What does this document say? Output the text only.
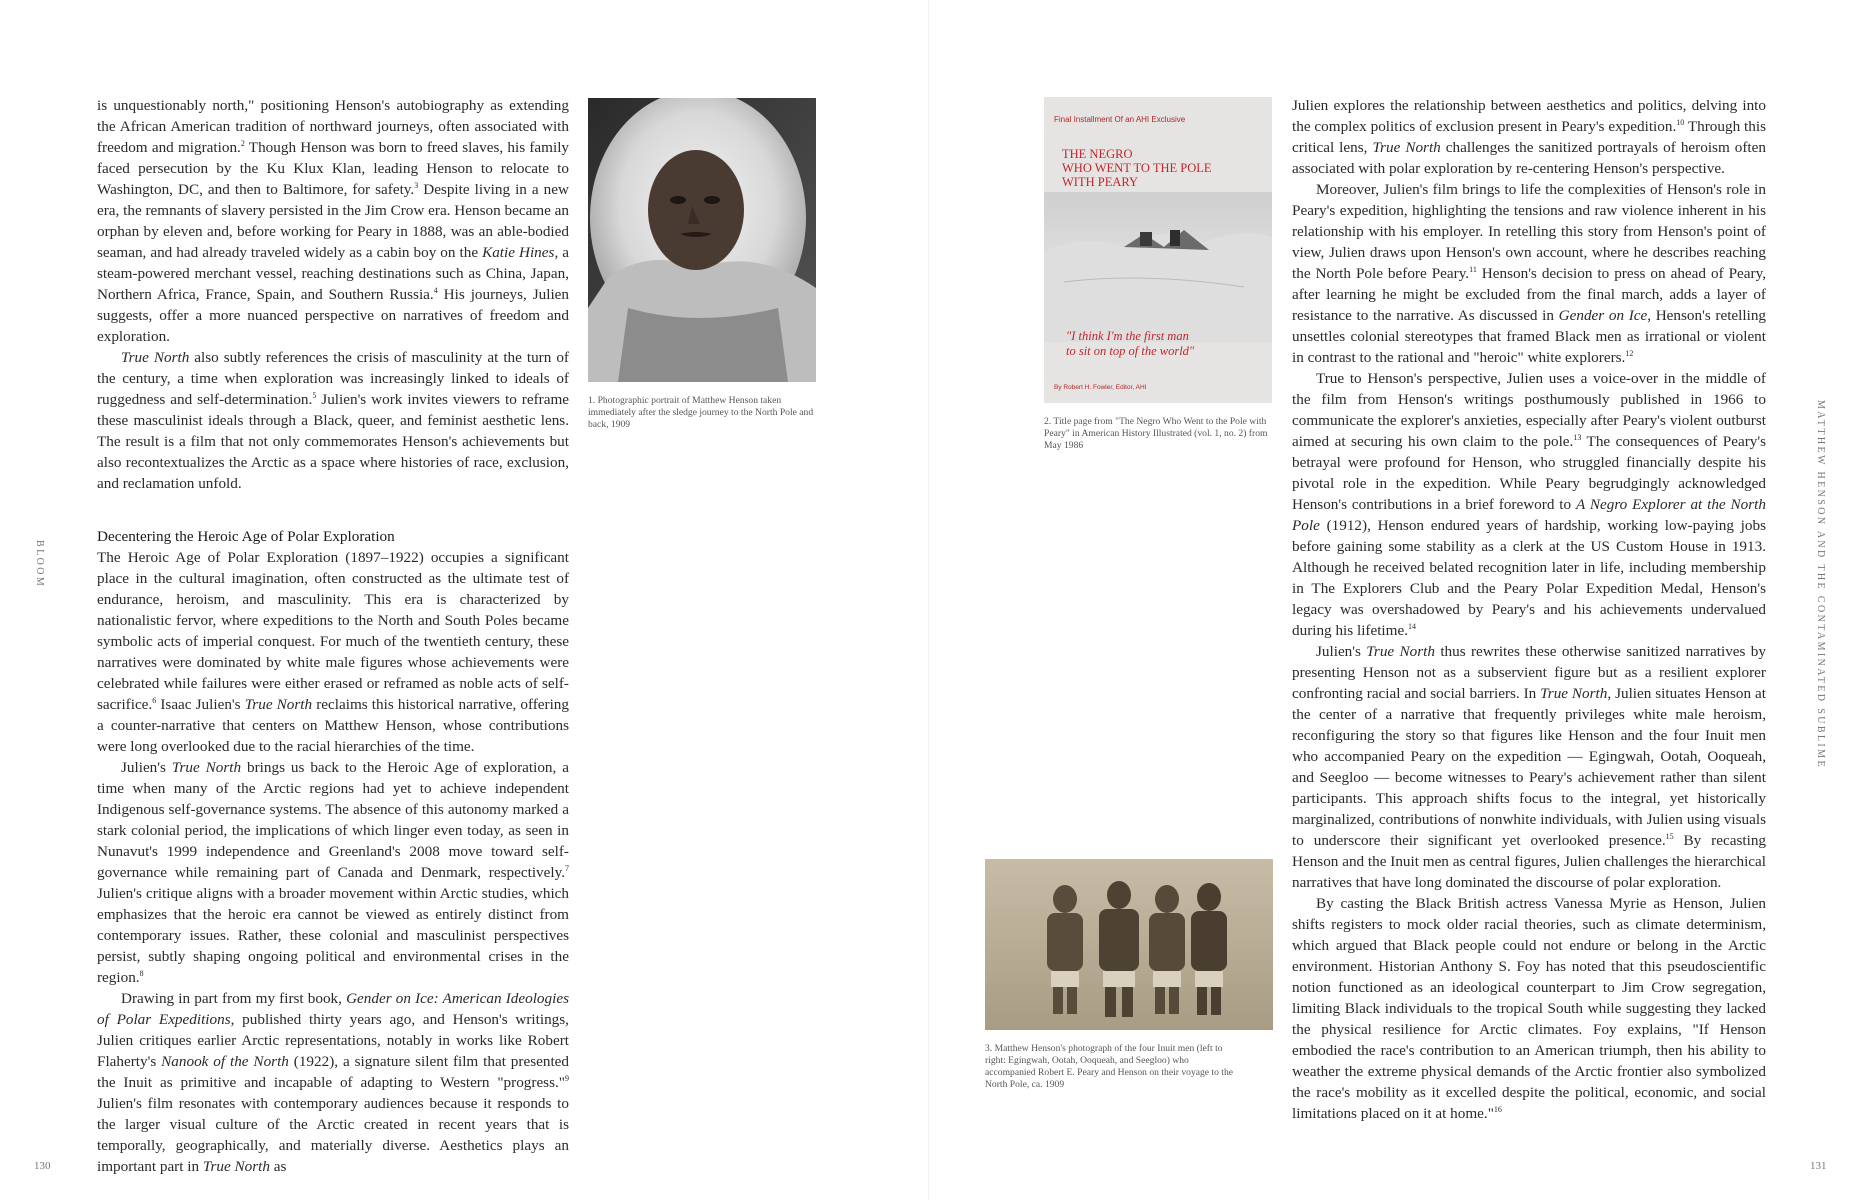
is unquestionably north," positioning Henson's autobiography as extending the African American tradition of northward journeys, often associated with freedom and migration.$^2$ Though Henson was born to freed slaves, his family faced persecution by the Ku Klux Klan, leading Henson to relocate to Washington, DC, and then to Baltimore, for safety.$^3$ Despite living in a new era, the remnants of slavery persisted in the Jim Crow era. Henson became an orphan by eleven and, before working for Peary in 1888, was an able-bodied seaman, and had already traveled widely as a cabin boy on the Katie Hines, a steam-powered merchant vessel, reaching destinations such as China, Japan, Northern Africa, France, Spain, and Southern Russia.$^4$ His journeys, Julien suggests, offer a more nuanced perspective on narratives of freedom and exploration.

True North also subtly references the crisis of masculinity at the turn of the century, a time when exploration was increasingly linked to ideals of ruggedness and self-determination.$^5$ Julien's work invites viewers to reframe these masculinist ideals through a Black, queer, and feminist aesthetic lens. The result is a film that not only commemorates Henson's achievements but also recontextualizes the Arctic as a space where histories of race, exclusion, and reclamation unfold.

Decentering the Heroic Age of Polar Exploration

The Heroic Age of Polar Exploration (1897–1922) occupies a significant place in the cultural imagination, often constructed as the ultimate test of endurance, heroism, and masculinity. This era is characterized by nationalistic fervor, where expeditions to the North and South Poles became symbolic acts of imperial conquest. For much of the twentieth century, these narratives were dominated by white male figures whose achievements were celebrated while failures were either erased or reframed as noble acts of self-sacrifice.$^6$ Isaac Julien's True North reclaims this historical narrative, offering a counter-narrative that centers on Matthew Henson, whose contributions were long overlooked due to the racial hierarchies of the time.

Julien's True North brings us back to the Heroic Age of exploration, a time when many of the Arctic regions had yet to achieve independent Indigenous self-governance systems. The absence of this autonomy marked a stark colonial period, the implications of which linger even today, as seen in Nunavut's 1999 independence and Greenland's 2008 move toward self-governance while remaining part of Canada and Denmark, respectively.$^7$ Julien's critique aligns with a broader movement within Arctic studies, which emphasizes that the heroic era cannot be viewed as entirely distinct from contemporary issues. Rather, these colonial and masculinist perspectives persist, subtly shaping ongoing political and environmental crises in the region.$^8$

Drawing in part from my first book, Gender on Ice: American Ideologies of Polar Expeditions, published thirty years ago, and Henson's writings, Julien critiques earlier Arctic representations, notably in works like Robert Flaherty's Nanook of the North (1922), a signature silent film that presented the Inuit as primitive and incapable of adapting to Western "progress."$^9$ Julien's film resonates with contemporary audiences because it responds to the larger visual culture of the Arctic created in recent years that is temporally, geographically, and materially diverse. Aesthetics plays an important part in True North as

1. Photographic portrait of Matthew Henson taken immediately after the sledge journey to the North Pole and back, 1909
Final Installment Of an AHI Exclusive
THE NEGRO
WHO WENT TO THE POLE
WITH PEARY
"I think I'm the first man
to sit on top of the world"
By Robert H. Fowler, Editor, AHI
2. Title page from "The Negro Who Went to the Pole with Peary" in American History Illustrated (vol. 1, no. 2) from May 1986
3. Matthew Henson's photograph of the four Inuit men (left to right: Egingwah, Ootah, Ooqueah, and Seegloo) who accompanied Robert E. Peary and Henson on their voyage to the North Pole, ca. 1909

Julien explores the relationship between aesthetics and politics, delving into the complex politics of exclusion present in Peary's expedition.$^{10}$ Through this critical lens, True North challenges the sanitized portrayals of heroism often associated with polar exploration by re-centering Henson's perspective.

Moreover, Julien's film brings to life the complexities of Henson's role in Peary's expedition, highlighting the tensions and raw violence inherent in his relationship with his employer. In retelling this story from Henson's point of view, Julien draws upon Henson's own account, where he describes reaching the North Pole before Peary.$^{11}$ Henson's decision to press on ahead of Peary, after learning he might be excluded from the final march, adds a layer of resistance to the narrative. As discussed in Gender on Ice, Henson's retelling unsettles colonial stereotypes that framed Black men as irrational or violent in contrast to the rational and "heroic" white explorers.$^{12}$

True to Henson's perspective, Julien uses a voice-over in the middle of the film from Henson's writings posthumously published in 1966 to communicate the explorer's anxieties, especially after Peary's violent outburst aimed at securing his own claim to the pole.$^{13}$ The consequences of Peary's betrayal were profound for Henson, who struggled financially despite his pivotal role in the expedition. While Peary begrudgingly acknowledged Henson's contributions in a brief foreword to A Negro Explorer at the North Pole (1912), Henson endured years of hardship, working low-paying jobs before gaining some stability as a clerk at the US Custom House in 1913. Although he received belated recognition later in life, including membership in The Explorers Club and the Peary Polar Expedition Medal, Henson's legacy was overshadowed by Peary's and his achievements undervalued during his lifetime.$^{14}$

Julien's True North thus rewrites these otherwise sanitized narratives by presenting Henson not as a subservient figure but as a resilient explorer confronting racial and social barriers. In True North, Julien situates Henson at the center of a narrative that frequently privileges white male heroism, reconfiguring the story so that figures like Henson and the four Inuit men who accompanied Peary on the expedition — Egingwah, Ootah, Ooqueah, and Seegloo — become witnesses to Peary's achievement rather than silent participants. This approach shifts focus to the integral, yet historically marginalized, contributions of nonwhite individuals, with Julien using visuals to underscore their significant yet overlooked presence.$^{15}$ By recasting Henson and the Inuit men as central figures, Julien challenges the hierarchical narratives that have long dominated the discourse of polar exploration.

By casting the Black British actress Vanessa Myrie as Henson, Julien shifts registers to mock older racial theories, such as climate determinism, which argued that Black people could not endure or belong in the Arctic environment. Historian Anthony S. Foy has noted that this pseudoscientific notion functioned as an ideological counterpart to Jim Crow segregation, limiting Black individuals to the tropical South while suggesting they lacked the physical resilience for Arctic climates. Foy explains, "If Henson embodied the race's contribution to an American triumph, then his ability to weather the extreme physical demands of the Arctic frontier also symbolized the race's mobility as it excelled despite the political, economic, and social limitations placed on it at home."$^{16}$

BLOOM	MATTHEW HENSON AND THE CONTAMINATED SUBLIME
130	131
